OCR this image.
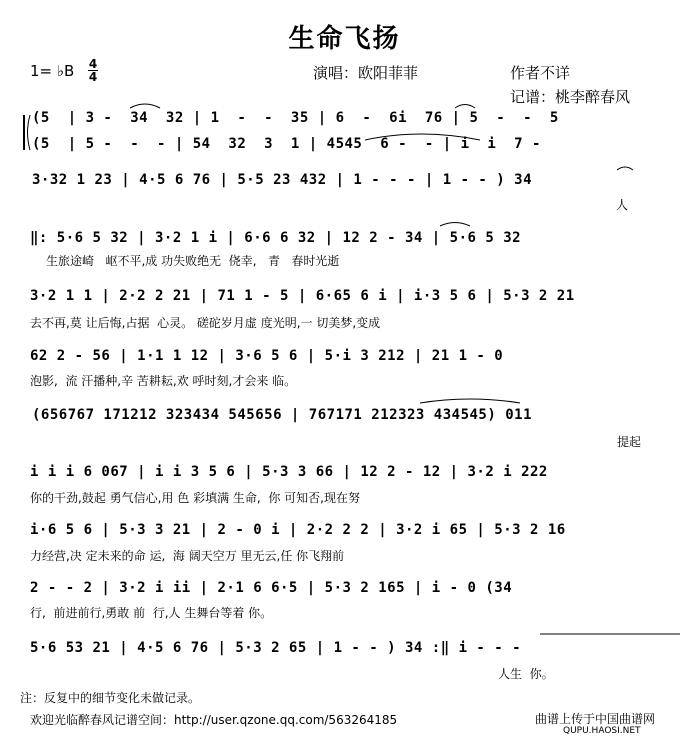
生命飞扬
1= ♭B 4
4	演唱：欧阳菲菲	作者不详
记谱：桃李醉春风
(5  | 3 -  34  32 | 1  -  -  35 | 6  -  6i  76 | 5  -  -  5
(5  | 5 -  -  - | 54  32  3  1 | 4545  6 -  - | i  i  7 -
3·32 1 23 | 4·5 6 76 | 5·5 23 432 | 1 - - - | 1 - - ) 34
人
‖: 5·6 5 32 | 3·2 1 i | 6·6 6 32 | 12 2 - 34 | 5·6 5 32
生旅途崎   岖不平,成 功失败绝无  侥幸,   青   春时光逝
3·2 1 1 | 2·2 2 21 | 71 1 - 5 | 6·65 6 i | i·3 5 6 | 5·3 2 21
去不再,莫 让后悔,占据  心灵。 磋砣岁月虚 度光明,一 切美梦,变成
62 2 - 56 | 1·1 1 12 | 3·6 5 6 | 5·i 3 212 | 21 1 - 0
泡影,  流 汗播种,辛 苦耕耘,欢 呼时刻,才会来 临。
(656767 171212 323434 545656 | 767171 212323 434545) 011
提起
i i i 6 067 | i i 3 5 6 | 5·3 3 66 | 12 2 - 12 | 3·2 i 222
你的干劲,鼓起 勇气信心,用 色 彩填满 生命,  你 可知否,现在努
i·6 5 6 | 5·3 3 21 | 2 - 0 i | 2·2 2 2 | 3·2 i 65 | 5·3 2 16
力经营,决 定未来的命 运,  海 阔天空万 里无云,任 你飞翔前
2 - - 2 | 3·2 i ii | 2·1 6 6·5 | 5·3 2 165 | i - 0 (34
行,  前进前行,勇敢 前  行,人 生舞台等着 你。
5·6 53 21 | 4·5 6 76 | 5·3 2 65 | 1 - - ) 34 :‖ i - - -
人生  你。
注：反复中的细节变化未做记录。
欢迎光临醉春风记谱空间：http://user.qzone.qq.com/563264185	曲谱上传于中国曲谱网
QUPU.HAOSI.NET
